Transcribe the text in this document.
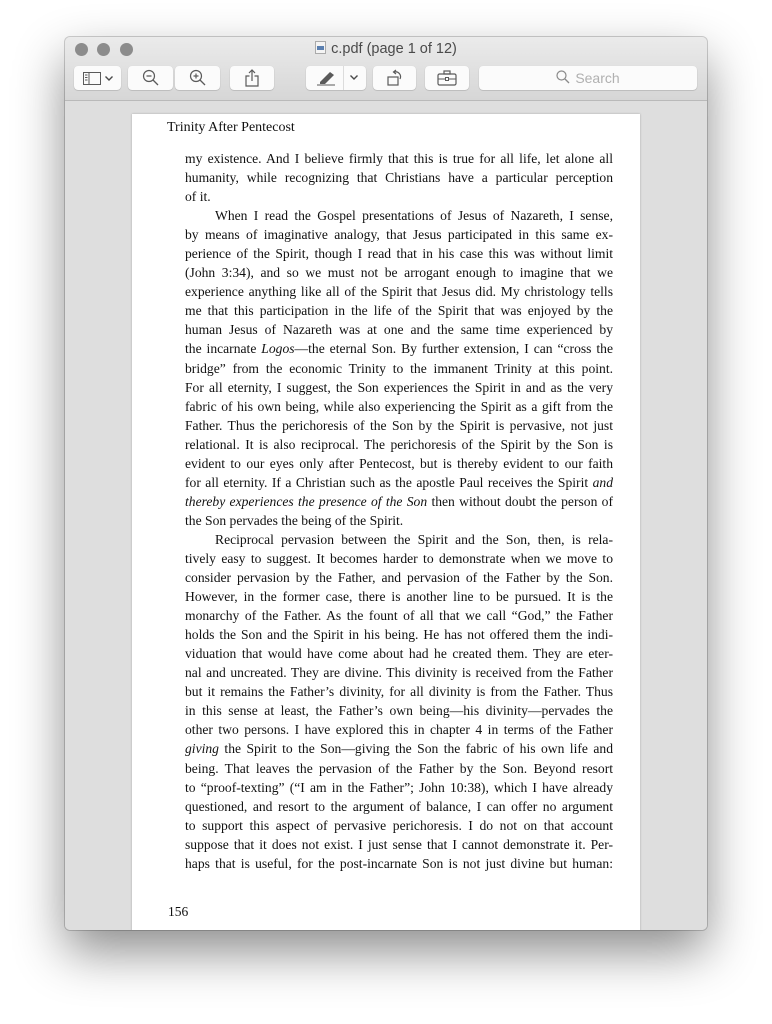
c.pdf (page 1 of 12)
Search
Trinity After Pentecost
my existence. And I believe firmly that this is true for all life, let alone all
humanity, while recognizing that Christians have a particular perception
of it.
When I read the Gospel presentations of Jesus of Nazareth, I sense,
by means of imaginative analogy, that Jesus participated in this same ex-
perience of the Spirit, though I read that in his case this was without limit
(John 3:34), and so we must not be arrogant enough to imagine that we
experience anything like all of the Spirit that Jesus did. My christology tells
me that this participation in the life of the Spirit that was enjoyed by the
human Jesus of Nazareth was at one and the same time experienced by
the incarnate Logos—the eternal Son. By further extension, I can “cross the
bridge” from the economic Trinity to the immanent Trinity at this point.
For all eternity, I suggest, the Son experiences the Spirit in and as the very
fabric of his own being, while also experiencing the Spirit as a gift from the
Father. Thus the perichoresis of the Son by the Spirit is pervasive, not just
relational. It is also reciprocal. The perichoresis of the Spirit by the Son is
evident to our eyes only after Pentecost, but is thereby evident to our faith
for all eternity. If a Christian such as the apostle Paul receives the Spirit and
thereby experiences the presence of the Son then without doubt the person of
the Son pervades the being of the Spirit.
Reciprocal pervasion between the Spirit and the Son, then, is rela-
tively easy to suggest. It becomes harder to demonstrate when we move to
consider pervasion by the Father, and pervasion of the Father by the Son.
However, in the former case, there is another line to be pursued. It is the
monarchy of the Father. As the fount of all that we call “God,” the Father
holds the Son and the Spirit in his being. He has not offered them the indi-
viduation that would have come about had he created them. They are eter-
nal and uncreated. They are divine. This divinity is received from the Father
but it remains the Father’s divinity, for all divinity is from the Father. Thus
in this sense at least, the Father’s own being—his divinity—pervades the
other two persons. I have explored this in chapter 4 in terms of the Father
giving the Spirit to the Son—giving the Son the fabric of his own life and
being. That leaves the pervasion of the Father by the Son. Beyond resort
to “proof-texting” (“I am in the Father”; John 10:38), which I have already
questioned, and resort to the argument of balance, I can offer no argument
to support this aspect of pervasive perichoresis. I do not on that account
suppose that it does not exist. I just sense that I cannot demonstrate it. Per-
haps that is useful, for the post-incarnate Son is not just divine but human:
156
